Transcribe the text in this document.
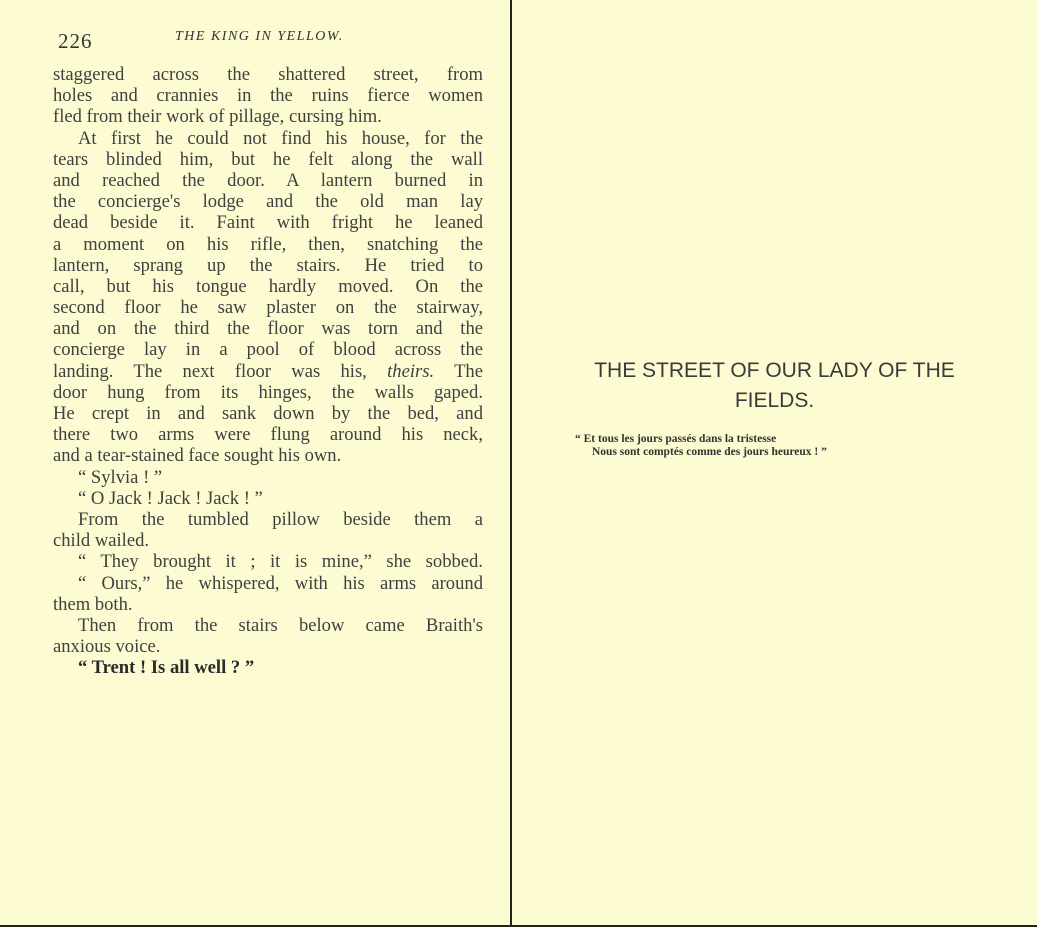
226	THE KING IN YELLOW.
staggered across the shattered street, from
holes and crannies in the ruins fierce women
fled from their work of pillage, cursing him.
At first he could not find his house, for the
tears blinded him, but he felt along the wall
and reached the door. A lantern burned in
the concierge's lodge and the old man lay
dead beside it. Faint with fright he leaned
a moment on his rifle, then, snatching the
lantern, sprang up the stairs. He tried to
call, but his tongue hardly moved. On the
second floor he saw plaster on the stairway,
and on the third the floor was torn and the
concierge lay in a pool of blood across the
landing. The next floor was his, theirs. The
door hung from its hinges, the walls gaped.
He crept in and sank down by the bed, and
there two arms were flung around his neck,
and a tear-stained face sought his own.
“ Sylvia ! ”
“ O Jack ! Jack ! Jack ! ”
From the tumbled pillow beside them a
child wailed.
“ They brought it ; it is mine,” she sobbed.
“ Ours,” he whispered, with his arms around
them both.
Then from the stairs below came Braith's
anxious voice.
“ Trent ! Is all well ? ”
THE STREET OF OUR LADY OF THE
FIELDS.
“ Et tous les jours passés dans la tristesse
Nous sont comptés comme des jours heureux ! ”
